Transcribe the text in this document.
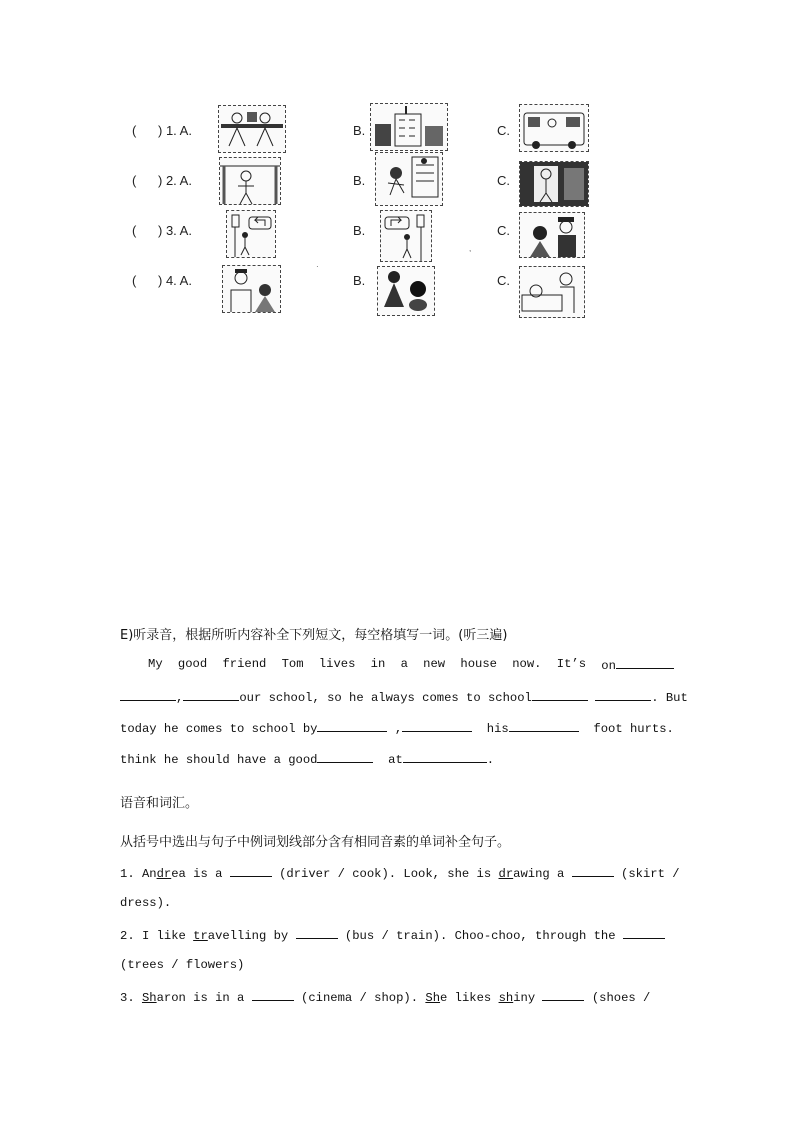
(      ) 1. A.	B.	C.
(      ) 2. A.	B.	C.
(      ) 3. A.	B.	C.
(      ) 4. A.	B.	C.
·
,
E)听录音，根据所听内容补全下列短文，每空格填写一词。(听三遍)
My good friend Tom lives in a new house now. It’s on
,	our school, so he always comes to school	. But
today he comes to school by	,	his	foot hurts.
think he should have a good	at	.
语音和词汇。
从括号中选出与句子中例词划线部分含有相同音素的单词补全句子。
1. Andrea is a	(driver / cook). Look, she is drawing a	(skirt /
dress).
2. I like travelling by	(bus / train). Choo-choo, through the
(trees / flowers)
3. Sharon is in a	(cinema / shop). She likes shiny	(shoes /
